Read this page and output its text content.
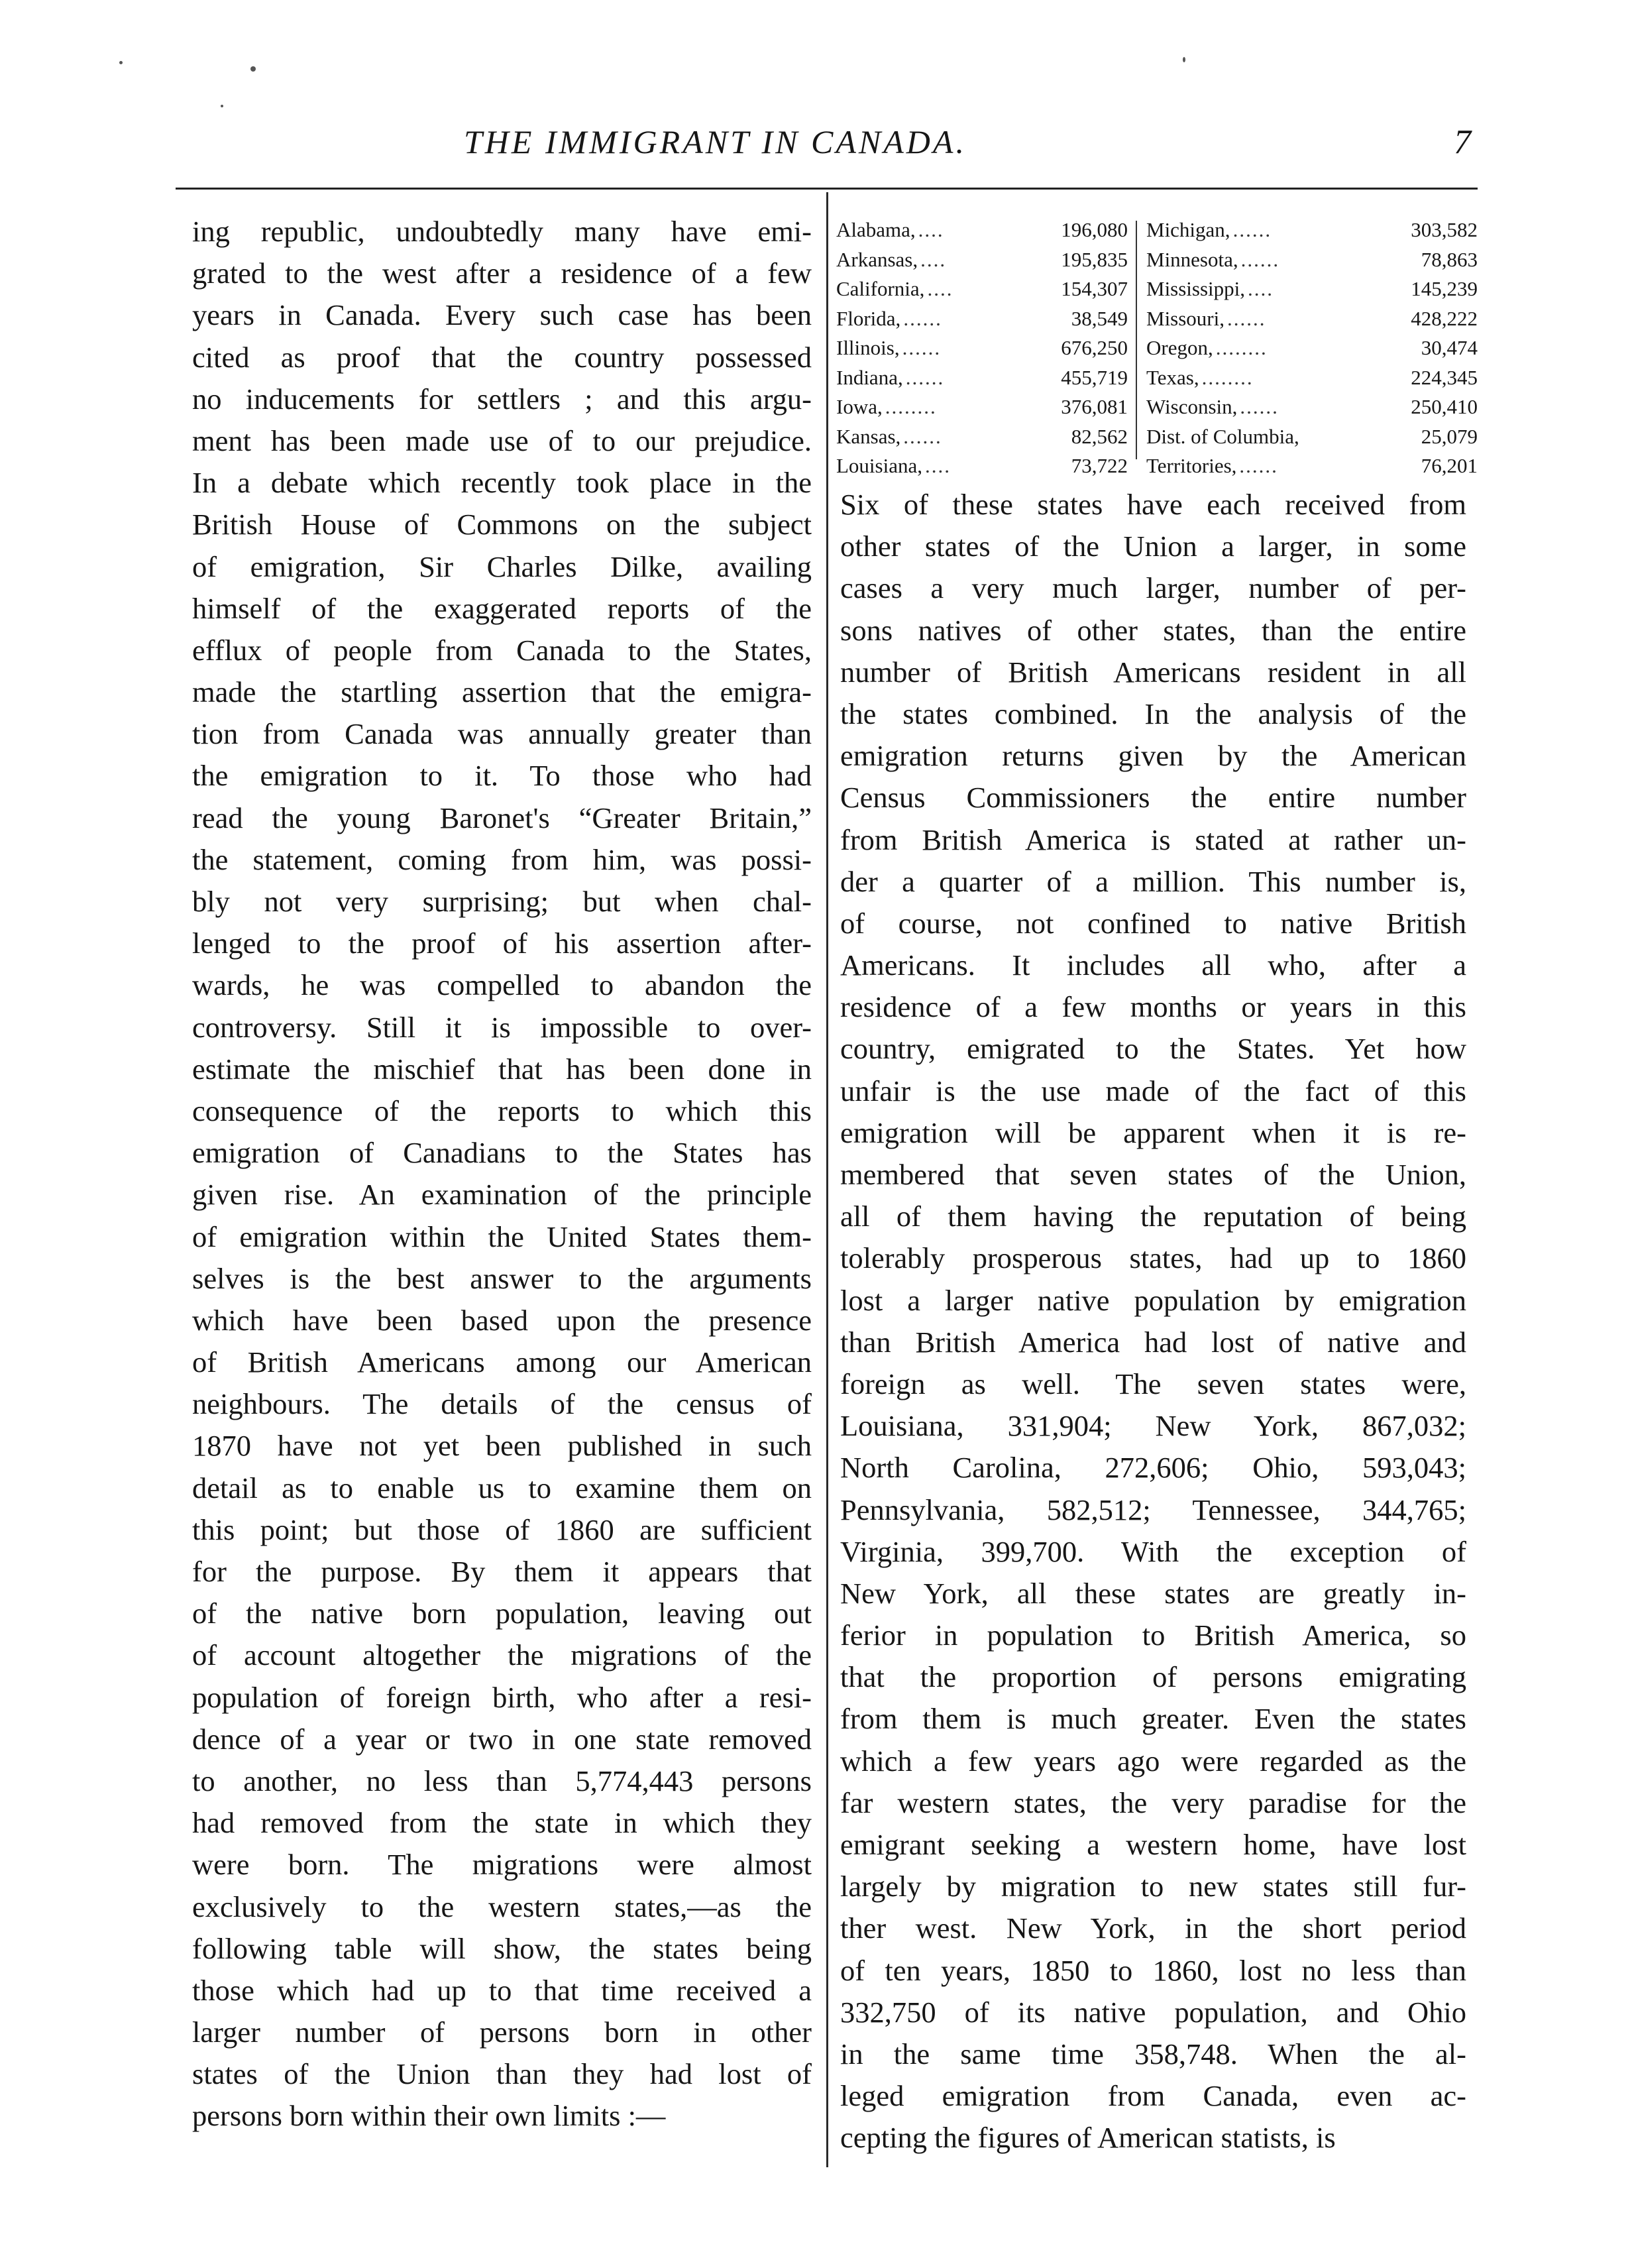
THE IMMIGRANT IN CANADA.	7
ing republic, undoubtedly many have emi-
grated to the west after a residence of a few
years in Canada. Every such case has been
cited as proof that the country possessed
no inducements for settlers ; and this argu-
ment has been made use of to our prejudice.
In a debate which recently took place in the
British House of Commons on the subject
of emigration, Sir Charles Dilke, availing
himself of the exaggerated reports of the
efflux of people from Canada to the States,
made the startling assertion that the emigra-
tion from Canada was annually greater than
the emigration to it. To those who had
read the young Baronet's “Greater Britain,”
the statement, coming from him, was possi-
bly not very surprising; but when chal-
lenged to the proof of his assertion after-
wards, he was compelled to abandon the
controversy. Still it is impossible to over-
estimate the mischief that has been done in
consequence of the reports to which this
emigration of Canadians to the States has
given rise. An examination of the principle
of emigration within the United States them-
selves is the best answer to the arguments
which have been based upon the presence
of British Americans among our American
neighbours. The details of the census of
1870 have not yet been published in such
detail as to enable us to examine them on
this point; but those of 1860 are sufficient
for the purpose. By them it appears that
of the native born population, leaving out
of account altogether the migrations of the
population of foreign birth, who after a resi-
dence of a year or two in one state removed
to another, no less than 5,774,443 persons
had removed from the state in which they
were born. The migrations were almost
exclusively to the western states,—as the
following table will show, the states being
those which had up to that time received a
larger number of persons born in other
states of the Union than they had lost of
persons born within their own limits :—
Alabama, ....	196,080
Arkansas, ....	195,835
California, ....	154,307
Florida, ......	38,549
Illinois, ......	676,250
Indiana, ......	455,719
Iowa, ........	376,081
Kansas, ......	82,562
Louisiana, ....	73,722
Michigan, ......	303,582
Minnesota, ......	78,863
Mississippi, ....	145,239
Missouri, ......	428,222
Oregon, ........	30,474
Texas, ........	224,345
Wisconsin, ......	250,410
Dist. of Columbia,	25,079
Territories, ......	76,201
Six of these states have each received from
other states of the Union a larger, in some
cases a very much larger, number of per-
sons natives of other states, than the entire
number of British Americans resident in all
the states combined. In the analysis of the
emigration returns given by the American
Census Commissioners the entire number
from British America is stated at rather un-
der a quarter of a million. This number is,
of course, not confined to native British
Americans. It includes all who, after a
residence of a few months or years in this
country, emigrated to the States. Yet how
unfair is the use made of the fact of this
emigration will be apparent when it is re-
membered that seven states of the Union,
all of them having the reputation of being
tolerably prosperous states, had up to 1860
lost a larger native population by emigration
than British America had lost of native and
foreign as well. The seven states were,
Louisiana, 331,904; New York, 867,032;
North Carolina, 272,606; Ohio, 593,043;
Pennsylvania, 582,512; Tennessee, 344,765;
Virginia, 399,700. With the exception of
New York, all these states are greatly in-
ferior in population to British America, so
that the proportion of persons emigrating
from them is much greater. Even the states
which a few years ago were regarded as the
far western states, the very paradise for the
emigrant seeking a western home, have lost
largely by migration to new states still fur-
ther west. New York, in the short period
of ten years, 1850 to 1860, lost no less than
332,750 of its native population, and Ohio
in the same time 358,748. When the al-
leged emigration from Canada, even ac-
cepting the figures of American statists, is
